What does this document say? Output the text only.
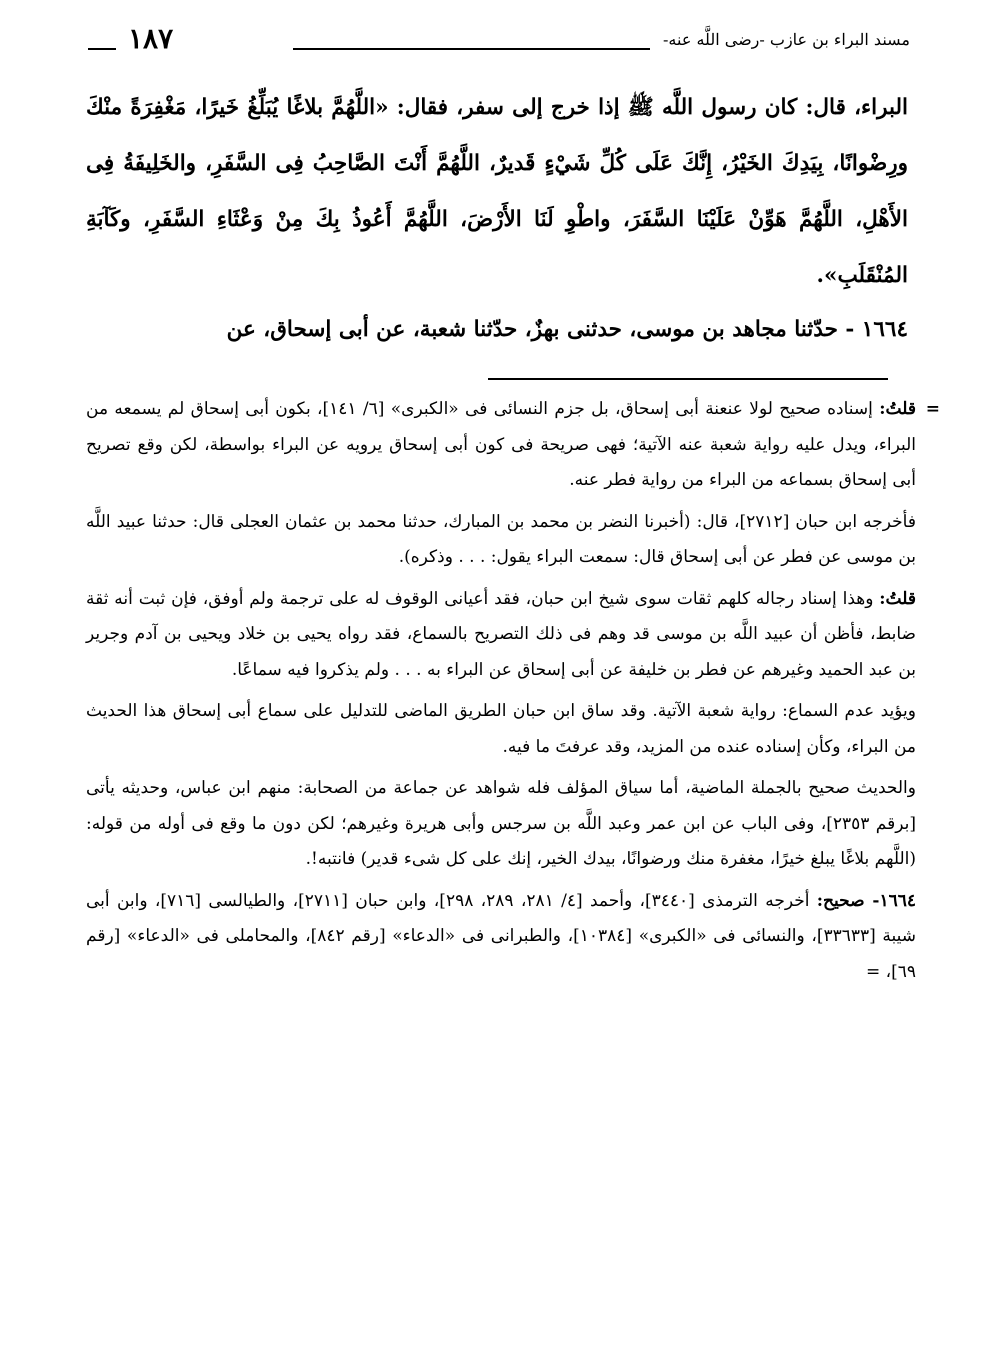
مسند البراء بن عازب -رضى اللَّه عنه-
١٨٧

البراء، قال: كان رسول اللَّه ﷺ إذا خرج إلى سفر، فقال: «اللَّهُمَّ بلاغًا يُبَلِّغُ خَيرًا، مَغْفِرَةً منْكَ ورِضْوانًا، بِيَدِكَ الخَيْرُ، إِنَّكَ عَلَى كُلِّ شَيْءٍ قَديرٌ، اللَّهُمَّ أَنْتَ الصَّاحِبُ فِى السَّفَرِ، والخَلِيفَةُ فِى الأَهْلِ، اللَّهُمَّ هَوِّنْ عَلَيْنَا السَّفَرَ، واطْوِ لَنَا الأَرْضَ، اللَّهُمَّ أَعُوذُ بِكَ مِنْ وَعْثَاءِ السَّفَرِ، وكَآبَةِ المُنْقَلَبِ».

١٦٦٤ - حدّثنا مجاهد بن موسى، حدثنى بهزٌ، حدّثنا شعبة، عن أبى إسحاق، عن

=
قلتُ: إسناده صحيح لولا عنعنة أبى إسحاق، بل جزم النسائى فى «الكبرى» [٦/ ١٤١]، بكون أبى إسحاق لم يسمعه من البراء، ويدل عليه رواية شعبة عنه الآتية؛ فهى صريحة فى كون أبى إسحاق يرويه عن البراء بواسطة، لكن وقع تصريح أبى إسحاق بسماعه من البراء من رواية فطر عنه.

فأخرجه ابن حبان [٢٧١٢]، قال: (أخبرنا النضر بن محمد بن المبارك، حدثنا محمد بن عثمان العجلى قال: حدثنا عبيد اللَّه بن موسى عن فطر عن أبى إسحاق قال: سمعت البراء يقول: . . . وذكره).

قلتُ: وهذا إسناد رجاله كلهم ثقات سوى شيخ ابن حبان، فقد أعيانى الوقوف له على ترجمة ولم أوفق، فإن ثبت أنه ثقة ضابط، فأظن أن عبيد اللَّه بن موسى قد وهم فى ذلك التصريح بالسماع، فقد رواه يحيى بن خلاد ويحيى بن آدم وجرير بن عبد الحميد وغيرهم عن فطر بن خليفة عن أبى إسحاق عن البراء به . . . ولم يذكروا فيه سماعًا.

ويؤيد عدم السماع: رواية شعبة الآتية. وقد ساق ابن حبان الطريق الماضى للتدليل على سماع أبى إسحاق هذا الحديث من البراء، وكأن إسناده عنده من المزيد، وقد عرفتَ ما فيه.

والحديث صحيح بالجملة الماضية، أما سياق المؤلف فله شواهد عن جماعة من الصحابة: منهم ابن عباس، وحديثه يأتى [برقم ٢٣٥٣]، وفى الباب عن ابن عمر وعبد اللَّه بن سرجس وأبى هريرة وغيرهم؛ لكن دون ما وقع فى أوله من قوله: (اللَّهم بلاغًا يبلغ خيرًا، مغفرة منك ورضوانًا، بيدك الخير، إنك على كل شىء قدير) فانتبه!.

١٦٦٤- صحيح: أخرجه الترمذى [٣٤٤٠]، وأحمد [٤/ ٢٨١، ٢٨٩، ٢٩٨]، وابن حبان [٢٧١١]، والطيالسى [٧١٦]، وابن أبى شيبة [٣٣٦٣٣]، والنسائى فى «الكبرى» [١٠٣٨٤]، والطبرانى فى «الدعاء» [رقم ٨٤٢]، والمحاملى فى «الدعاء» [رقم ٦٩]، =
